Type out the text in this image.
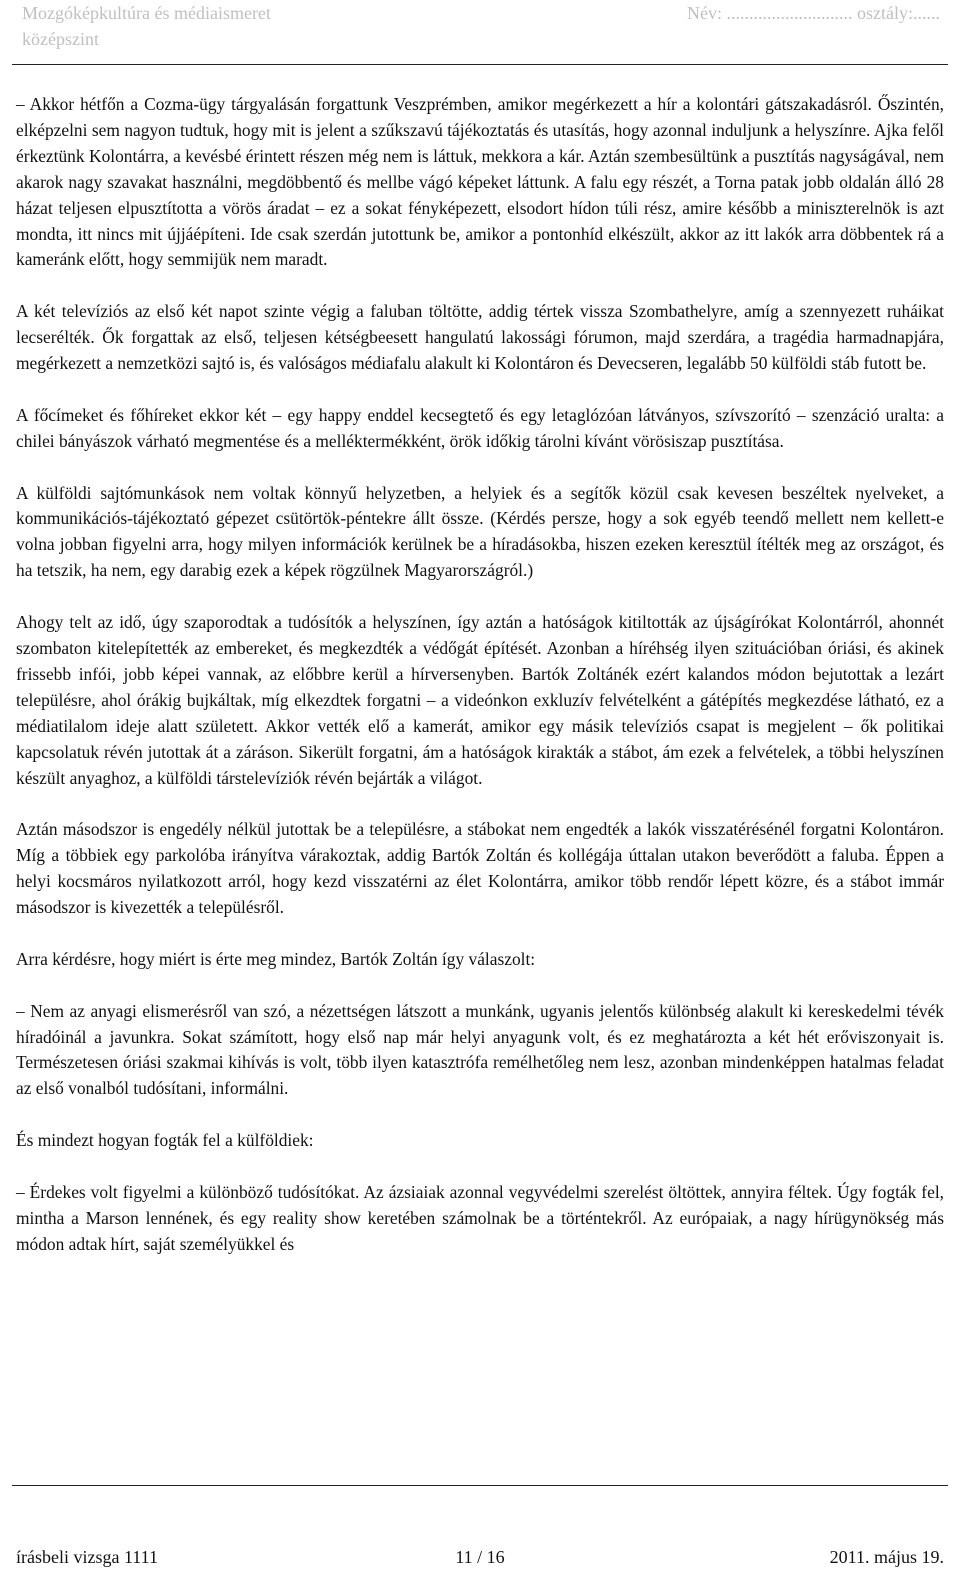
Mozgóképkultúra és médiaismeret
középszint
Név: ............................ osztály:......

– Akkor hétfőn a Cozma-ügy tárgyalásán forgattunk Veszprémben, amikor megérkezett a hír a kolontári gátszakadásról. Őszintén, elképzelni sem nagyon tudtuk, hogy mit is jelent a szűkszavú tájékoztatás és utasítás, hogy azonnal induljunk a helyszínre. Ajka felől érkeztünk Kolontárra, a kevésbé érintett részen még nem is láttuk, mekkora a kár. Aztán szembesültünk a pusztítás nagyságával, nem akarok nagy szavakat használni, megdöbbentő és mellbe vágó képeket láttunk. A falu egy részét, a Torna patak jobb oldalán álló 28 házat teljesen elpusztította a vörös áradat – ez a sokat fényképezett, elsodort hídon túli rész, amire később a miniszterelnök is azt mondta, itt nincs mit újjáépíteni. Ide csak szerdán jutottunk be, amikor a pontonhíd elkészült, akkor az itt lakók arra döbbentek rá a kameránk előtt, hogy semmijük nem maradt.

A két televíziós az első két napot szinte végig a faluban töltötte, addig tértek vissza Szombathelyre, amíg a szennyezett ruháikat lecserélték. Ők forgattak az első, teljesen kétségbeesett hangulatú lakossági fórumon, majd szerdára, a tragédia harmadnapjára, megérkezett a nemzetközi sajtó is, és valóságos médiafalu alakult ki Kolontáron és Devecseren, legalább 50 külföldi stáb futott be.

A főcímeket és főhíreket ekkor két – egy happy enddel kecsegtető és egy letaglózóan látványos, szívszorító – szenzáció uralta: a chilei bányászok várható megmentése és a melléktermékként, örök időkig tárolni kívánt vörösiszap pusztítása.

A külföldi sajtómunkások nem voltak könnyű helyzetben, a helyiek és a segítők közül csak kevesen beszéltek nyelveket, a kommunikációs-tájékoztató gépezet csütörtök-péntekre állt össze. (Kérdés persze, hogy a sok egyéb teendő mellett nem kellett-e volna jobban figyelni arra, hogy milyen információk kerülnek be a híradásokba, hiszen ezeken keresztül ítélték meg az országot, és ha tetszik, ha nem, egy darabig ezek a képek rögzülnek Magyarországról.)

Ahogy telt az idő, úgy szaporodtak a tudósítók a helyszínen, így aztán a hatóságok kitiltották az újságírókat Kolontárról, ahonnét szombaton kitelepítették az embereket, és megkezdték a védőgát építését. Azonban a híréhség ilyen szituációban óriási, és akinek frissebb infói, jobb képei vannak, az előbbre kerül a hírversenyben. Bartók Zoltánék ezért kalandos módon bejutottak a lezárt településre, ahol órákig bujkáltak, míg elkezdtek forgatni – a videónkon exkluzív felvételként a gátépítés megkezdése látható, ez a médiatilalom ideje alatt született. Akkor vették elő a kamerát, amikor egy másik televíziós csapat is megjelent – ők politikai kapcsolatuk révén jutottak át a záráson. Sikerült forgatni, ám a hatóságok kirakták a stábot, ám ezek a felvételek, a többi helyszínen készült anyaghoz, a külföldi társtelevíziók révén bejárták a világot.

Aztán másodszor is engedély nélkül jutottak be a településre, a stábokat nem engedték a lakók visszatérésénél forgatni Kolontáron. Míg a többiek egy parkolóba irányítva várakoztak, addig Bartók Zoltán és kollégája úttalan utakon beverődött a faluba. Éppen a helyi kocsmáros nyilatkozott arról, hogy kezd visszatérni az élet Kolontárra, amikor több rendőr lépett közre, és a stábot immár másodszor is kivezették a településről.

Arra kérdésre, hogy miért is érte meg mindez, Bartók Zoltán így válaszolt:

– Nem az anyagi elismerésről van szó, a nézettségen látszott a munkánk, ugyanis jelentős különbség alakult ki kereskedelmi tévék híradóinál a javunkra. Sokat számított, hogy első nap már helyi anyagunk volt, és ez meghatározta a két hét erőviszonyait is. Természetesen óriási szakmai kihívás is volt, több ilyen katasztrófa remélhetőleg nem lesz, azonban mindenképpen hatalmas feladat az első vonalból tudósítani, informálni.

És mindezt hogyan fogták fel a külföldiek:

– Érdekes volt figyelmi a különböző tudósítókat. Az ázsiaiak azonnal vegyvédelmi szerelést öltöttek, annyira féltek. Úgy fogták fel, mintha a Marson lennének, és egy reality show keretében számolnak be a történtekről. Az európaiak, a nagy hírügynökség más módon adtak hírt, saját személyükkel és

írásbeli vizsga 1111	11 / 16	2011. május 19.
